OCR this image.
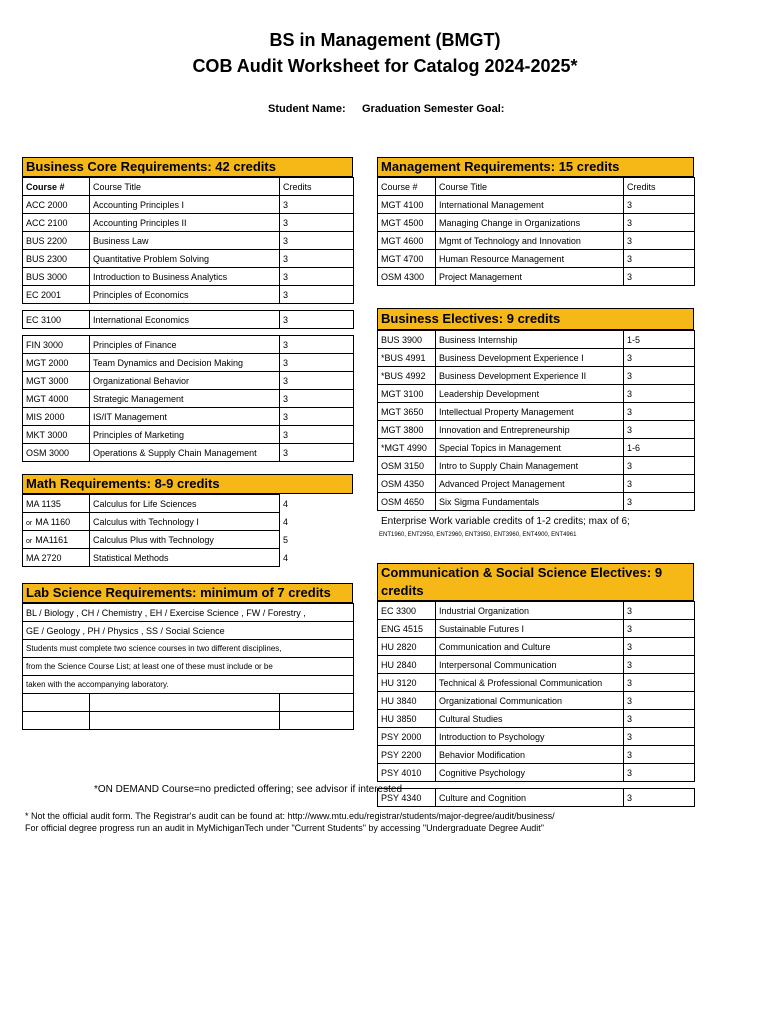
BS in Management (BMGT)
COB Audit Worksheet for Catalog 2024-2025*
Student Name: Graduation Semester Goal:
Business Core Requirements: 42 credits
Course #	Course Title	Credits
ACC 2000	Accounting Principles I	3
ACC 2100	Accounting Principles II	3
BUS 2200	Business Law	3
BUS 2300	Quantitative Problem Solving	3
BUS 3000	Introduction to Business Analytics	3
EC 2001	Principles of Economics	3

EC 3100	International Economics	3

FIN 3000	Principles of Finance	3
MGT 2000	Team Dynamics and Decision Making	3
MGT 3000	Organizational Behavior	3
MGT 4000	Strategic Management	3
MIS 2000	IS/IT Management	3
MKT 3000	Principles of Marketing	3
OSM 3000	Operations & Supply Chain Management	3
Math Requirements: 8-9 credits
MA 1135	Calculus for Life Sciences	4
or MA 1160	Calculus with Technology I	4
or MA1161	Calculus Plus with Technology	5
MA 2720	Statistical Methods	4
Lab Science Requirements: minimum of 7 credits
BL / Biology , CH / Chemistry , EH / Exercise Science , FW / Forestry ,		
GE / Geology , PH / Physics , SS / Social Science		
Students must complete two science courses in two different disciplines,		
from the Science Course List; at least one of these must include or be		
taken with the accompanying laboratory.		

Management Requirements: 15 credits
Course #	Course Title	Credits
MGT 4100	International Management	3
MGT 4500	Managing Change in Organizations	3
MGT 4600	Mgmt of Technology and Innovation	3
MGT 4700	Human Resource Management	3
OSM 4300	Project Management	3
Business Electives: 9 credits
BUS 3900	Business Internship	1-5
*BUS 4991	Business Development Experience I	3
*BUS 4992	Business Development Experience II	3
MGT 3100	Leadership Development	3
MGT 3650	Intellectual Property Management	3
MGT 3800	Innovation and Entrepreneurship	3
*MGT 4990	Special Topics in Management	1-6
OSM 3150	Intro to Supply Chain Management	3
OSM 4350	Advanced Project Management	3
OSM 4650	Six Sigma Fundamentals	3
Enterprise Work variable credits of 1-2 credits; max of 6;
ENT1960, ENT2950, ENT2960, ENT3950, ENT3960, ENT4900, ENT4961
Communication & Social Science Electives: 9 credits
EC 3300	Industrial Organization	3
ENG 4515	Sustainable Futures I	3
HU 2820	Communication and Culture	3
HU 2840	Interpersonal Communication	3
HU 3120	Technical & Professional Communication	3
HU 3840	Organizational Communication	3
HU 3850	Cultural Studies	3
PSY 2000	Introduction to Psychology	3
PSY 2200	Behavior Modification	3
PSY 4010	Cognitive Psychology	3

PSY 4340	Culture and Cognition	3
*ON DEMAND Course=no predicted offering; see advisor if interested
* Not the official audit form. The Registrar's audit can be found at: http://www.mtu.edu/registrar/students/major-degree/audit/business/
For official degree progress run an audit in MyMichiganTech under "Current Students" by accessing "Undergraduate Degree Audit"
